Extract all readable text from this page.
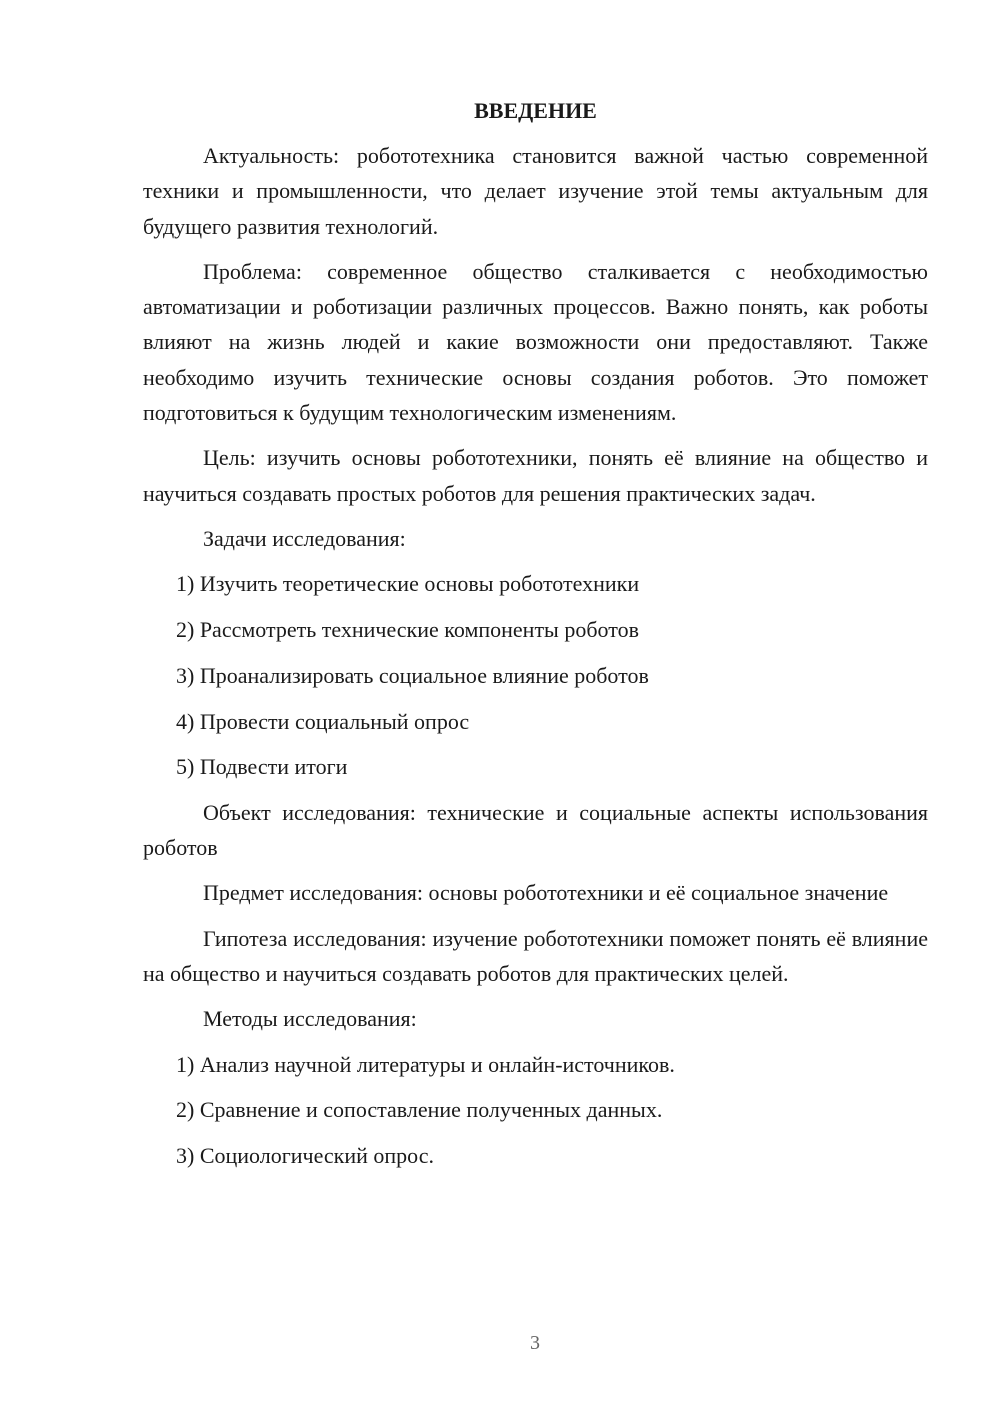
ВВЕДЕНИЕ

Актуальность: робототехника становится важной частью современной техники и промышленности, что делает изучение этой темы актуальным для будущего развития технологий.

Проблема: современное общество сталкивается с необходимостью автоматизации и роботизации различных процессов. Важно понять, как роботы влияют на жизнь людей и какие возможности они предоставляют. Также необходимо изучить технические основы создания роботов. Это поможет подготовиться к будущим технологическим изменениям.

Цель: изучить основы робототехники, понять её влияние на общество и научиться создавать простых роботов для решения практических задач.

Задачи исследования:
1) Изучить теоретические основы робототехники
2) Рассмотреть технические компоненты роботов
3) Проанализировать социальное влияние роботов
4) Провести социальный опрос
5) Подвести итоги

Объект исследования: технические и социальные аспекты использования роботов

Предмет исследования: основы робототехники и её социальное значение

Гипотеза исследования: изучение робототехники поможет понять её влияние на общество и научиться создавать роботов для практических целей.

Методы исследования:
1) Анализ научной литературы и онлайн-источников.
2) Сравнение и сопоставление полученных данных.
3) Социологический опрос.
3
